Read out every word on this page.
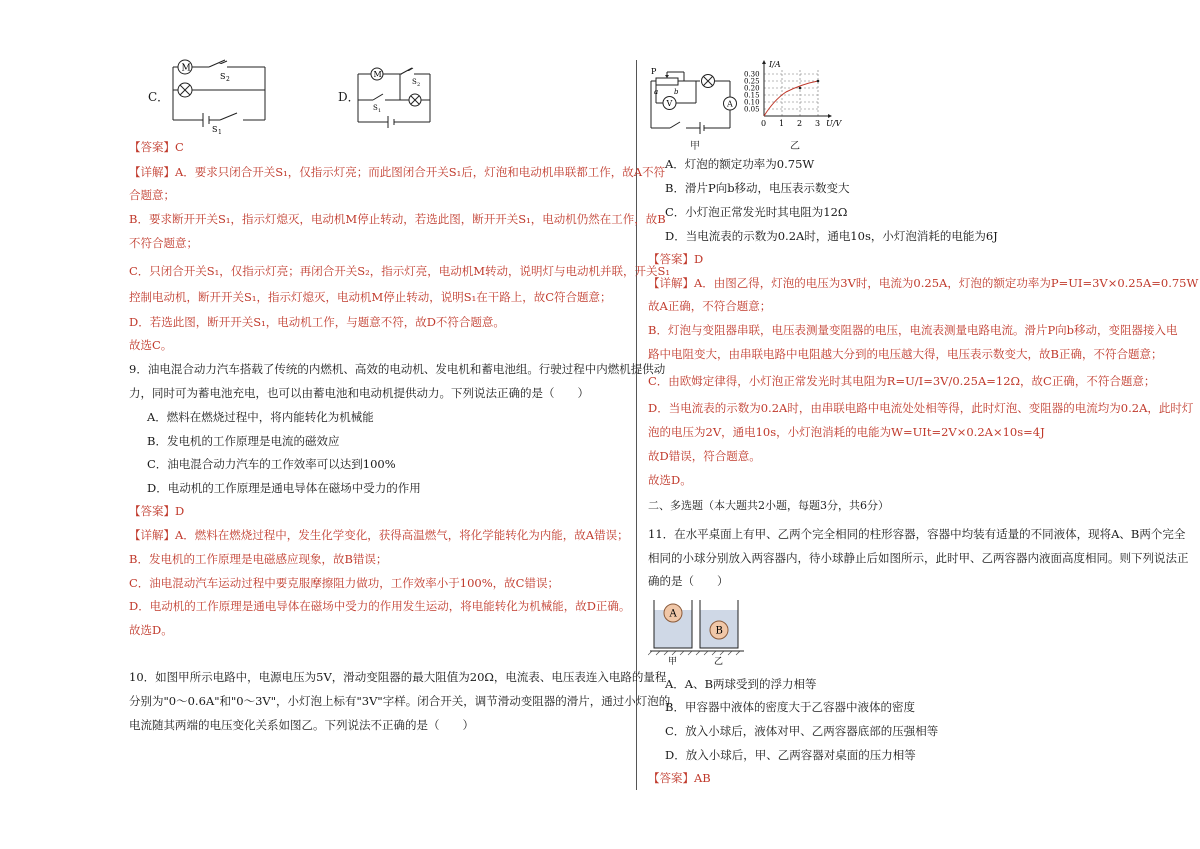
C．
M
S 2
S 1
D．
M
S 2
S 1
【答案】C
【详解】A．要求只闭合开关S₁，仅指示灯亮；而此图闭合开关S₁后，灯泡和电动机串联都工作，故A不符
合题意；
B．要求断开开关S₁，指示灯熄灭，电动机M停止转动，若选此图，断开开关S₁，电动机仍然在工作，故B
不符合题意；
C．只闭合开关S₁，仅指示灯亮；再闭合开关S₂，指示灯亮，电动机M转动，说明灯与电动机并联，开关S₁
控制电动机，断开开关S₁，指示灯熄灭，电动机M停止转动，说明S₁在干路上，故C符合题意；
D．若选此图，断开开关S₁，电动机工作，与题意不符，故D不符合题意。
故选C。
9．油电混合动力汽车搭载了传统的内燃机、高效的电动机、发电机和蓄电池组。行驶过程中内燃机提供动
力，同时可为蓄电池充电，也可以由蓄电池和电动机提供动力。下列说法正确的是（　　）
A．燃料在燃烧过程中，将内能转化为机械能
B．发电机的工作原理是电流的磁效应
C．油电混合动力汽车的工作效率可以达到100%
D．电动机的工作原理是通电导体在磁场中受力的作用
【答案】D
【详解】A．燃料在燃烧过程中，发生化学变化，获得高温燃气，将化学能转化为内能，故A错误；
B．发电机的工作原理是电磁感应现象，故B错误；
C．油电混动汽车运动过程中要克服摩擦阻力做功，工作效率小于100%，故C错误；
D．电动机的工作原理是通电导体在磁场中受力的作用发生运动，将电能转化为机械能，故D正确。
故选D。
10．如图甲所示电路中，电源电压为5V，滑动变阻器的最大阻值为20Ω，电流表、电压表连入电路的量程
分别为"0～0.6A"和"0～3V"，小灯泡上标有"3V"字样。闭合开关，调节滑动变阻器的滑片，通过小灯泡的
电流随其两端的电压变化关系如图乙。下列说法不正确的是（　　）
P
a b
V	A
甲
I/A
0.30
0.25
0.20
0.15
0.10
0.05
0 1 2 3 U/V
乙
A．灯泡的额定功率为0.75W
B．滑片P向b移动，电压表示数变大
C．小灯泡正常发光时其电阻为12Ω
D．当电流表的示数为0.2A时，通电10s，小灯泡消耗的电能为6J
【答案】D
【详解】A．由图乙得，灯泡的电压为3V时，电流为0.25A，灯泡的额定功率为P=UI=3V×0.25A=0.75W
故A正确，不符合题意；
B．灯泡与变阻器串联，电压表测量变阻器的电压，电流表测量电路电流。滑片P向b移动，变阻器接入电
路中电阻变大，由串联电路中电阻越大分到的电压越大得，电压表示数变大，故B正确，不符合题意；
C．由欧姆定律得，小灯泡正常发光时其电阻为R=U/I=3V/0.25A=12Ω，故C正确，不符合题意；
D．当电流表的示数为0.2A时，由串联电路中电流处处相等得，此时灯泡、变阻器的电流均为0.2A，此时灯
泡的电压为2V，通电10s，小灯泡消耗的电能为W=UIt=2V×0.2A×10s=4J
故D错误，符合题意。
故选D。
二、多选题（本大题共2小题，每题3分，共6分）
11．在水平桌面上有甲、乙两个完全相同的柱形容器，容器中均装有适量的不同液体，现将A、B两个完全
相同的小球分别放入两容器内，待小球静止后如图所示，此时甲、乙两容器内液面高度相同。则下列说法正
确的是（　　）
A
B
甲	乙
A．A、B两球受到的浮力相等
B．甲容器中液体的密度大于乙容器中液体的密度
C．放入小球后，液体对甲、乙两容器底部的压强相等
D．放入小球后，甲、乙两容器对桌面的压力相等
【答案】AB
